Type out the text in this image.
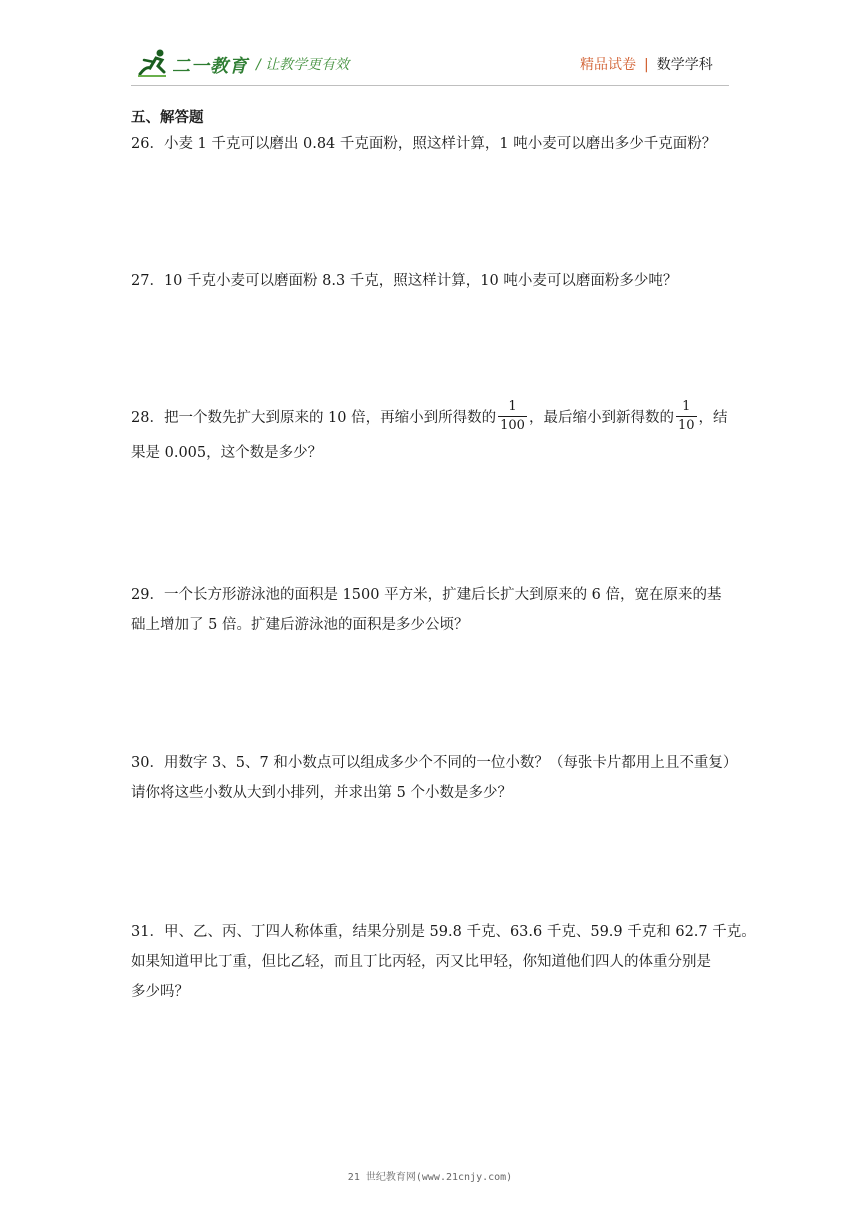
二一教育 / 让教学更有效	精品试卷 | 数学学科
五、解答题
26．小麦 1 千克可以磨出 0.84 千克面粉，照这样计算，1 吨小麦可以磨出多少千克面粉？
27．10 千克小麦可以磨面粉 8.3 千克，照这样计算，10 吨小麦可以磨面粉多少吨？
28．把一个数先扩大到原来的 10 倍，再缩小到所得数的 $\frac{1}{100}$ ，最后缩小到新得数的 $\frac{1}{10}$ ，结
果是 0.005，这个数是多少？
29．一个长方形游泳池的面积是 1500 平方米，扩建后长扩大到原来的 6 倍，宽在原来的基
础上增加了 5 倍。扩建后游泳池的面积是多少公顷？
30．用数字 3、5、7 和小数点可以组成多少个不同的一位小数？（每张卡片都用上且不重复）
请你将这些小数从大到小排列，并求出第 5 个小数是多少？
31．甲、乙、丙、丁四人称体重，结果分别是 59.8 千克、63.6 千克、59.9 千克和 62.7 千克。
如果知道甲比丁重，但比乙轻，而且丁比丙轻，丙又比甲轻，你知道他们四人的体重分别是
多少吗？
21 世纪教育网(www.21cnjy.com)
